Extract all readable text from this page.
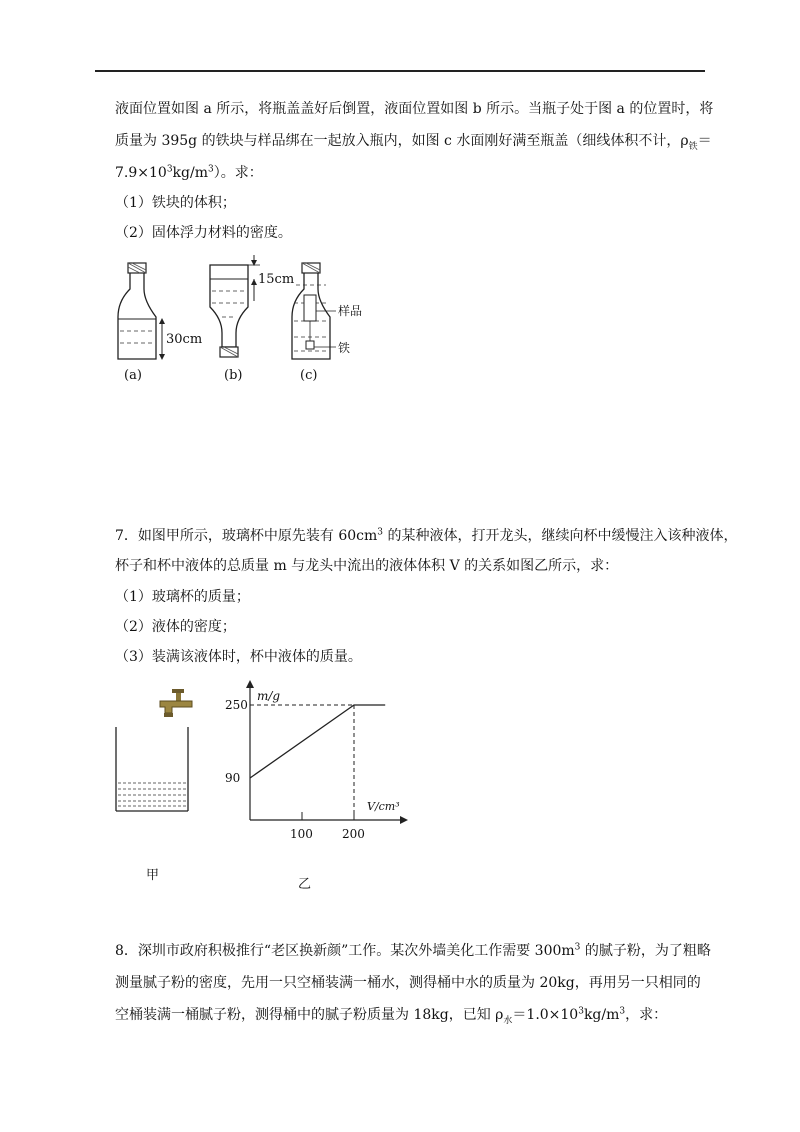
液面位置如图 a 所示，将瓶盖盖好后倒置，液面位置如图 b 所示。当瓶子处于图 a 的位置时，将
质量为 395g 的铁块与样品绑在一起放入瓶内，如图 c 水面刚好满至瓶盖（细线体积不计，$\rho_铁=$
$7.9\times 10^3kg/m^3$）。求：
（1）铁块的体积；
（2）固体浮力材料的密度。
30cm
15cm
样品
铁
(a)	(b)	(c)
7．如图甲所示，玻璃杯中原先装有 $60cm^3$ 的某种液体，打开龙头，继续向杯中缓慢注入该种液体，
杯子和杯中液体的总质量 m 与龙头中流出的液体体积 V 的关系如图乙所示，求：
（1）玻璃杯的质量；
（2）液体的密度；
（3）装满该液体时，杯中液体的质量。
甲
m/g
V/cm³
90
250
100 200
乙
8．深圳市政府积极推行“老区换新颜”工作。某次外墙美化工作需要 $300m^3$ 的腻子粉，为了粗略
测量腻子粉的密度，先用一只空桶装满一桶水，测得桶中水的质量为 20kg，再用另一只相同的
空桶装满一桶腻子粉，测得桶中的腻子粉质量为 18kg，已知 $\rho_水=1.0\times 10^3kg/m^3$，求：
